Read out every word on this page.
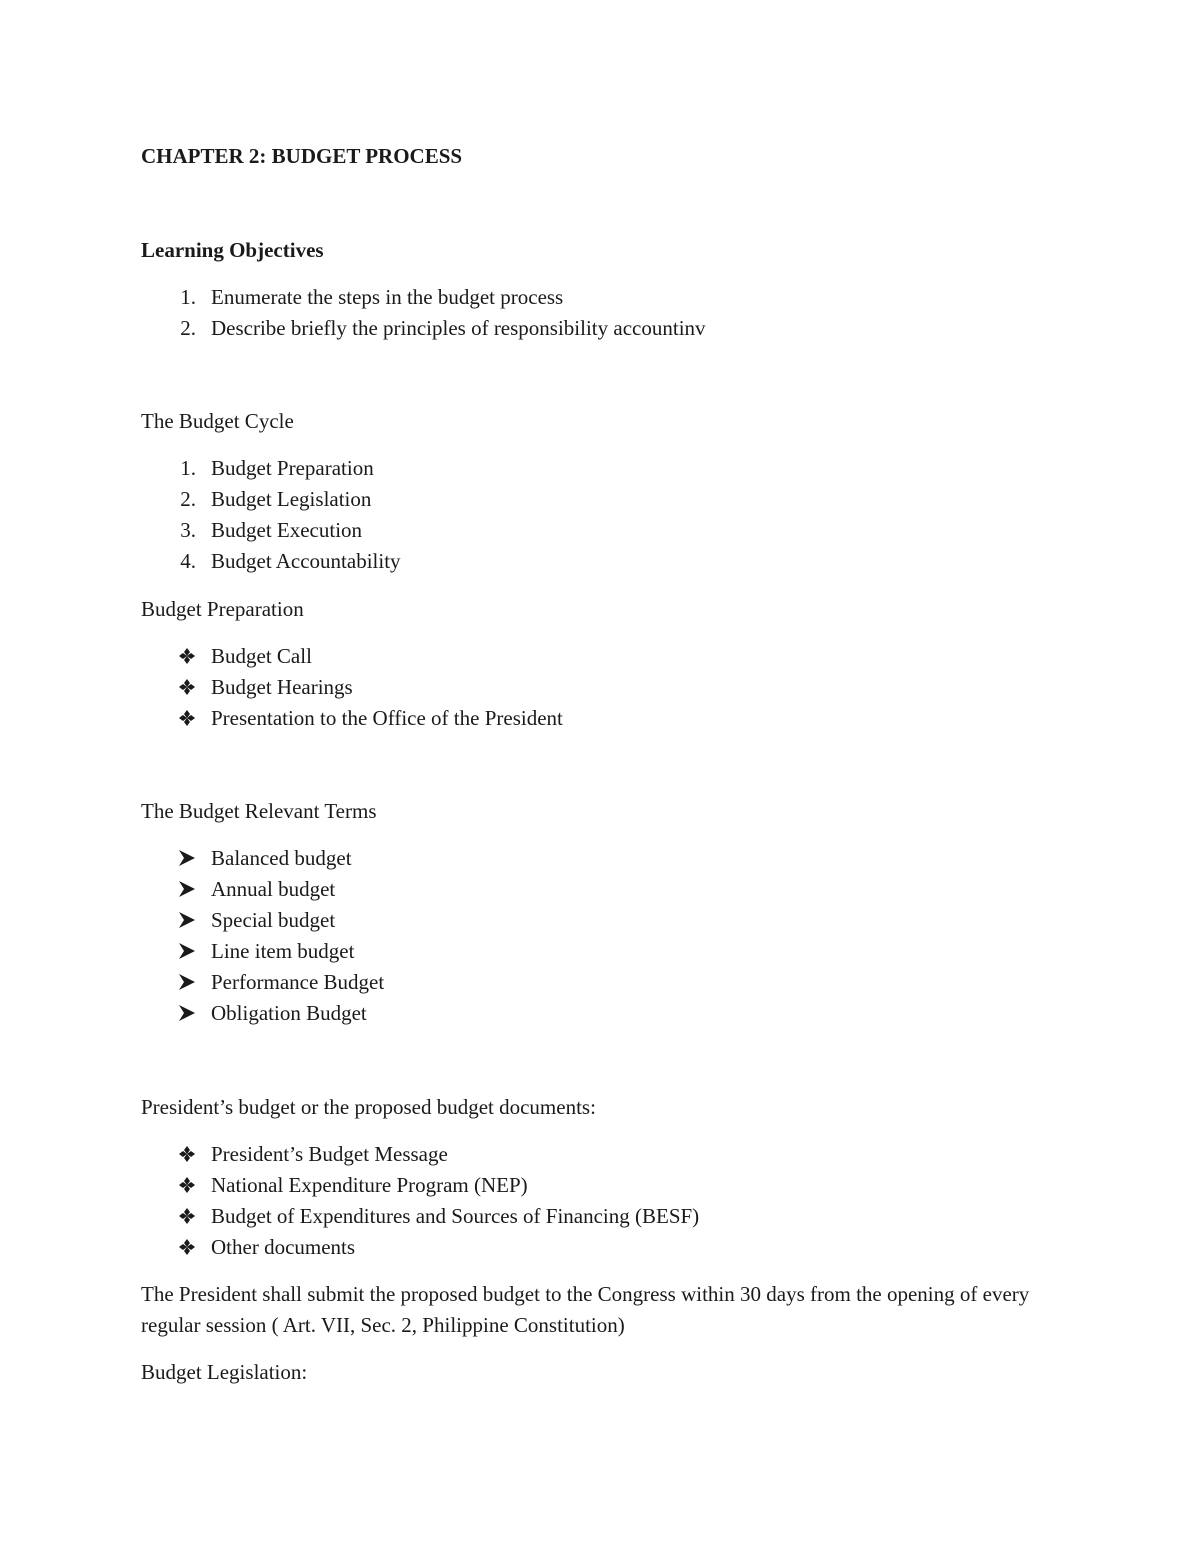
CHAPTER 2: BUDGET PROCESS
Learning Objectives
1. Enumerate the steps in the budget process
2. Describe briefly the principles of responsibility accountinv
The Budget Cycle
1. Budget Preparation
2. Budget Legislation
3. Budget Execution
4. Budget Accountability
Budget Preparation
Budget Call
Budget Hearings
Presentation to the Office of the President
The Budget Relevant Terms
Balanced budget
Annual budget
Special budget
Line item budget
Performance Budget
Obligation Budget
President’s budget or the proposed budget documents:
President’s Budget Message
National Expenditure Program (NEP)
Budget of Expenditures and Sources of Financing (BESF)
Other documents
The President shall submit the proposed budget to the Congress within 30 days from the opening of every regular session ( Art. VII, Sec. 2, Philippine Constitution)
Budget Legislation:
